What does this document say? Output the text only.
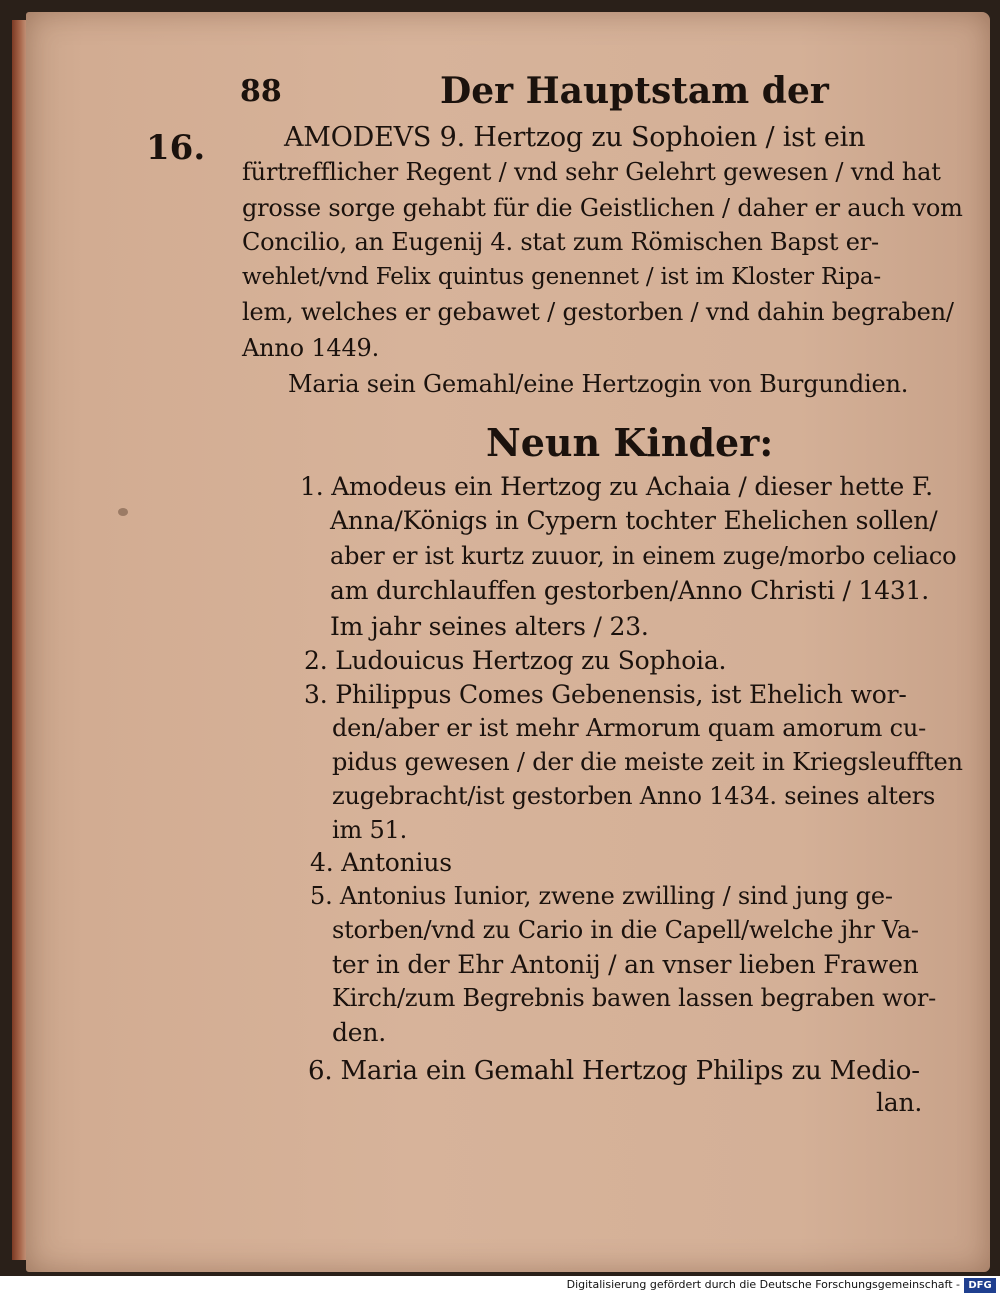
88	Der Hauptstam der
16.	AMODEVS 9. Hertzog zu Sophoien / ist ein
fürtrefflicher Regent / vnd sehr Gelehrt gewesen / vnd hat
grosse sorge gehabt für die Geistlichen / daher er auch vom
Concilio, an Eugenij 4. stat zum Römischen Bapst er-
wehlet/vnd Felix quintus genennet / ist im Kloster Ripa-
lem, welches er gebawet / gestorben / vnd dahin begraben/
Anno 1449.
Maria sein Gemahl/eine Hertzogin von Burgundien.
Neun Kinder:
1. Amodeus ein Hertzog zu Achaia / dieser hette F.
Anna/Königs in Cypern tochter Ehelichen sollen/
aber er ist kurtz zuuor, in einem zuge/morbo celiaco
am durchlauffen gestorben/Anno Christi / 1431.
Im jahr seines alters / 23.
2. Ludouicus Hertzog zu Sophoia.
3. Philippus Comes Gebenensis, ist Ehelich wor-
den/aber er ist mehr Armorum quam amorum cu-
pidus gewesen / der die meiste zeit in Kriegsleufften
zugebracht/ist gestorben Anno 1434. seines alters
im 51.
4. Antonius
5. Antonius Iunior, zwene zwilling / sind jung ge-
storben/vnd zu Cario in die Capell/welche jhr Va-
ter in der Ehr Antonij / an vnser lieben Frawen
Kirch/zum Begrebnis bawen lassen begraben wor-
den.
6. Maria ein Gemahl Hertzog Philips zu Medio-
lan.
Digitalisierung gefördert durch die Deutsche Forschungsgemeinschaft - DFG
